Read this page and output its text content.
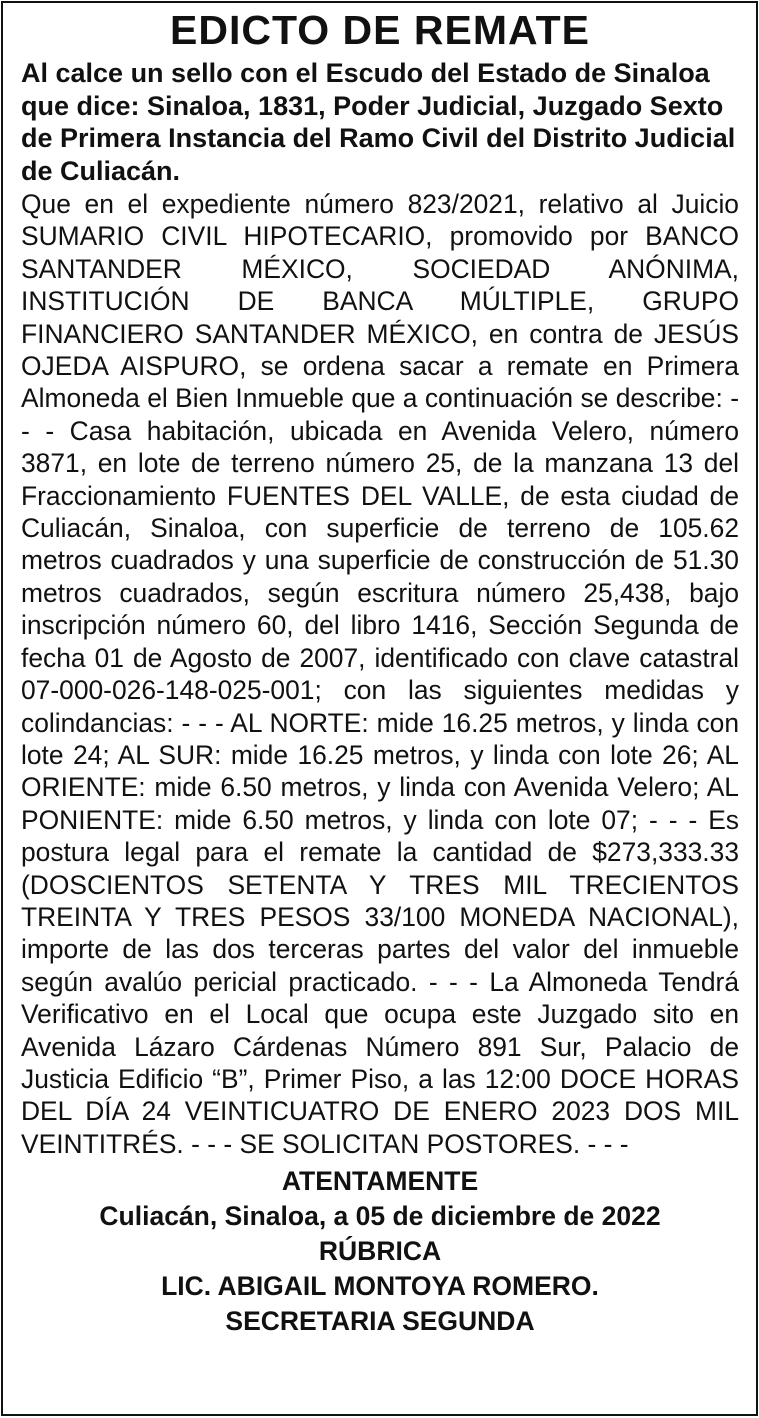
EDICTO DE REMATE
Al calce un sello con el Escudo del Estado de Sinaloa que dice: Sinaloa, 1831, Poder Judicial, Juzgado Sexto de Primera Instancia del Ramo Civil del Distrito Judicial de Culiacán.
Que en el expediente número 823/2021, relativo al Juicio SUMARIO CIVIL HIPOTECARIO, promovido por BANCO SANTANDER MÉXICO, SOCIEDAD ANÓNIMA, INSTITUCIÓN DE BANCA MÚLTIPLE, GRUPO FINANCIERO SANTANDER MÉXICO, en contra de JESÚS OJEDA AISPURO, se ordena sacar a remate en Primera Almoneda el Bien Inmueble que a continuación se describe: - - - Casa habitación, ubicada en Avenida Velero, número 3871, en lote de terreno número 25, de la manzana 13 del Fraccionamiento FUENTES DEL VALLE, de esta ciudad de Culiacán, Sinaloa, con superficie de terreno de 105.62 metros cuadrados y una superficie de construcción de 51.30 metros cuadrados, según escritura número 25,438, bajo inscripción número 60, del libro 1416, Sección Segunda de fecha 01 de Agosto de 2007, identificado con clave catastral 07-000-026-148-025-001; con las siguientes medidas y colindancias: - - - AL NORTE: mide 16.25 metros, y linda con lote 24; AL SUR: mide 16.25 metros, y linda con lote 26; AL ORIENTE: mide 6.50 metros, y linda con Avenida Velero; AL PONIENTE: mide 6.50 metros, y linda con lote 07; - - - Es postura legal para el remate la cantidad de $273,333.33 (DOSCIENTOS SETENTA Y TRES MIL TRECIENTOS TREINTA Y TRES PESOS 33/100 MONEDA NACIONAL), importe de las dos terceras partes del valor del inmueble según avalúo pericial practicado. - - - La Almoneda Tendrá Verificativo en el Local que ocupa este Juzgado sito en Avenida Lázaro Cárdenas Número 891 Sur, Palacio de Justicia Edificio “B”, Primer Piso, a las 12:00 DOCE HORAS DEL DÍA 24 VEINTICUATRO DE ENERO 2023 DOS MIL VEINTITRÉS. - - - SE SOLICITAN POSTORES. - - -
ATENTAMENTE
Culiacán, Sinaloa, a 05 de diciembre de 2022
RÚBRICA
LIC. ABIGAIL MONTOYA ROMERO.
SECRETARIA SEGUNDA
